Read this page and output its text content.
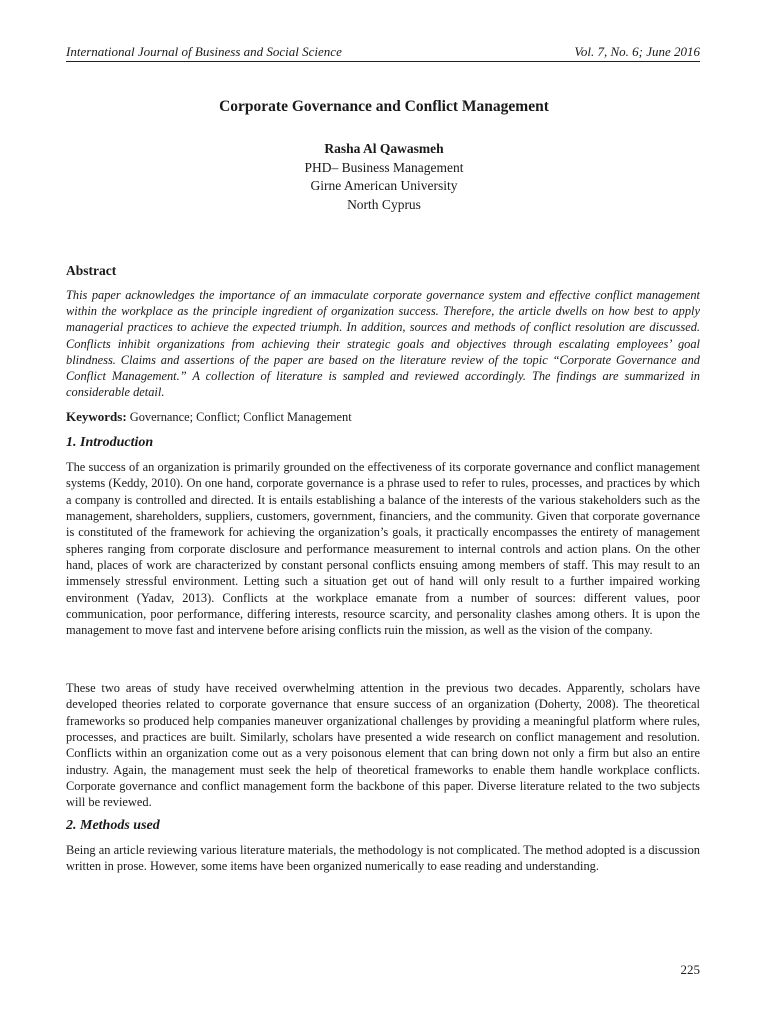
International Journal of Business and Social Science	Vol. 7, No. 6; June 2016
Corporate Governance and Conflict Management
Rasha Al Qawasmeh
PHD– Business Management
Girne American University
North Cyprus
Abstract

This paper acknowledges the importance of an immaculate corporate governance system and effective conflict management within the workplace as the principle ingredient of organization success. Therefore, the article dwells on how best to apply managerial practices to achieve the expected triumph. In addition, sources and methods of conflict resolution are discussed. Conflicts inhibit organizations from achieving their strategic goals and objectives through escalating employees’ goal blindness. Claims and assertions of the paper are based on the literature review of the topic “Corporate Governance and Conflict Management.” A collection of literature is sampled and reviewed accordingly. The findings are summarized in considerable detail.

Keywords: Governance; Conflict; Conflict Management
1. Introduction

The success of an organization is primarily grounded on the effectiveness of its corporate governance and conflict management systems (Keddy, 2010). On one hand, corporate governance is a phrase used to refer to rules, processes, and practices by which a company is controlled and directed. It is entails establishing a balance of the interests of the various stakeholders such as the management, shareholders, suppliers, customers, government, financiers, and the community. Given that corporate governance is constituted of the framework for achieving the organization’s goals, it practically encompasses the entirety of management spheres ranging from corporate disclosure and performance measurement to internal controls and action plans. On the other hand, places of work are characterized by constant personal conflicts ensuing among members of staff. This may result to an immensely stressful environment. Letting such a situation get out of hand will only result to a further impaired working environment (Yadav, 2013). Conflicts at the workplace emanate from a number of sources: different values, poor communication, poor performance, differing interests, resource scarcity, and personality clashes among others. It is upon the management to move fast and intervene before arising conflicts ruin the mission, as well as the vision of the company.

These two areas of study have received overwhelming attention in the previous two decades. Apparently, scholars have developed theories related to corporate governance that ensure success of an organization (Doherty, 2008). The theoretical frameworks so produced help companies maneuver organizational challenges by providing a meaningful platform where rules, processes, and practices are built. Similarly, scholars have presented a wide research on conflict management and resolution. Conflicts within an organization come out as a very poisonous element that can bring down not only a firm but also an entire industry. Again, the management must seek the help of theoretical frameworks to enable them handle workplace conflicts. Corporate governance and conflict management form the backbone of this paper. Diverse literature related to the two subjects will be reviewed.

2. Methods used

Being an article reviewing various literature materials, the methodology is not complicated. The method adopted is a discussion written in prose. However, some items have been organized numerically to ease reading and understanding.

225
